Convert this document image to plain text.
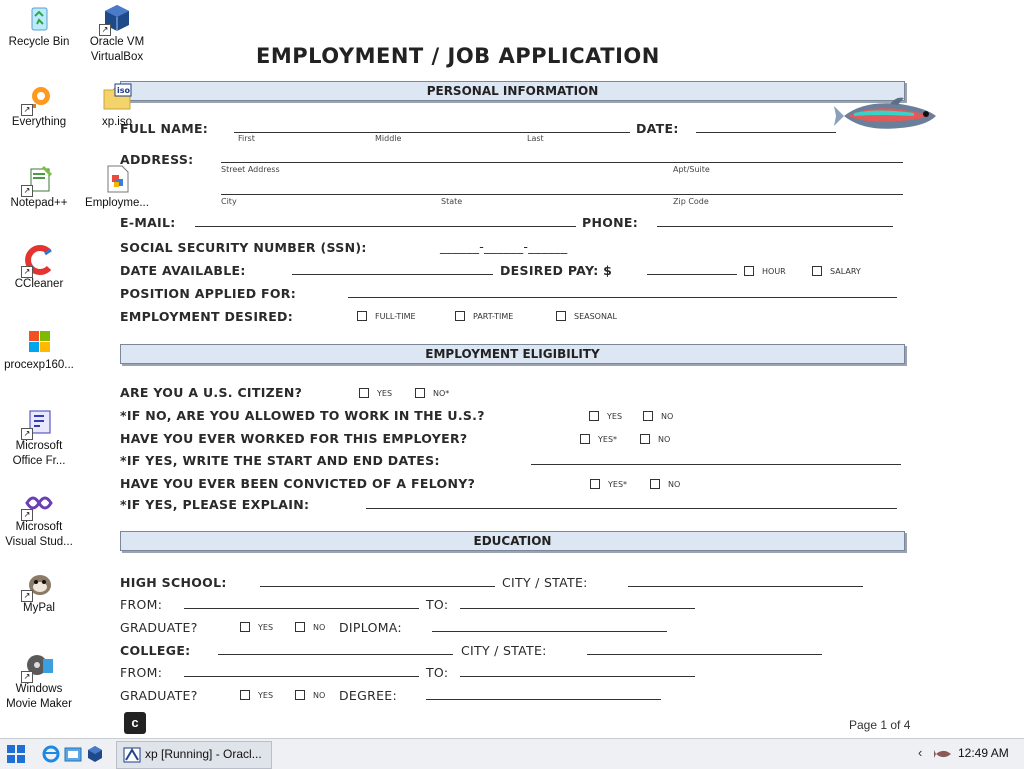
EMPLOYMENT / JOB APPLICATION
PERSONAL INFORMATION
FULL NAME:
First	Middle	Last
DATE:
ADDRESS:
Street Address	Apt/Suite
City	State	Zip Code
E-MAIL:	PHONE:
SOCIAL SECURITY NUMBER (SSN):	______-______-______
DATE AVAILABLE:	DESIRED PAY: $	HOUR	SALARY
POSITION APPLIED FOR:
EMPLOYMENT DESIRED:	FULL-TIME	PART-TIME	SEASONAL
EMPLOYMENT ELIGIBILITY
ARE YOU A U.S. CITIZEN?	YES	NO*
*IF NO, ARE YOU ALLOWED TO WORK IN THE U.S.?	YES	NO
HAVE YOU EVER WORKED FOR THIS EMPLOYER?	YES*	NO
*IF YES, WRITE THE START AND END DATES:
HAVE YOU EVER BEEN CONVICTED OF A FELONY?	YES*	NO
*IF YES, PLEASE EXPLAIN:
EDUCATION
HIGH SCHOOL:	CITY / STATE:
FROM:	TO:
GRADUATE?	YES	NO DIPLOMA:
COLLEGE:	CITY / STATE:
FROM:	TO:
GRADUATE?	YES	NO DEGREE:
c	Page 1 of 4
Recycle Bin
↗
Everything
↗
Notepad++
↗
CCleaner
procexp160...
↗
Microsoft
Office Fr...
↗
Microsoft
Visual Stud...
↗
MyPal
↗
Windows
Movie Maker
↗
Oracle VM
VirtualBox
iso
xp.iso
Employme...
xp [Running] - Oracl...	‹	12:49 AM
